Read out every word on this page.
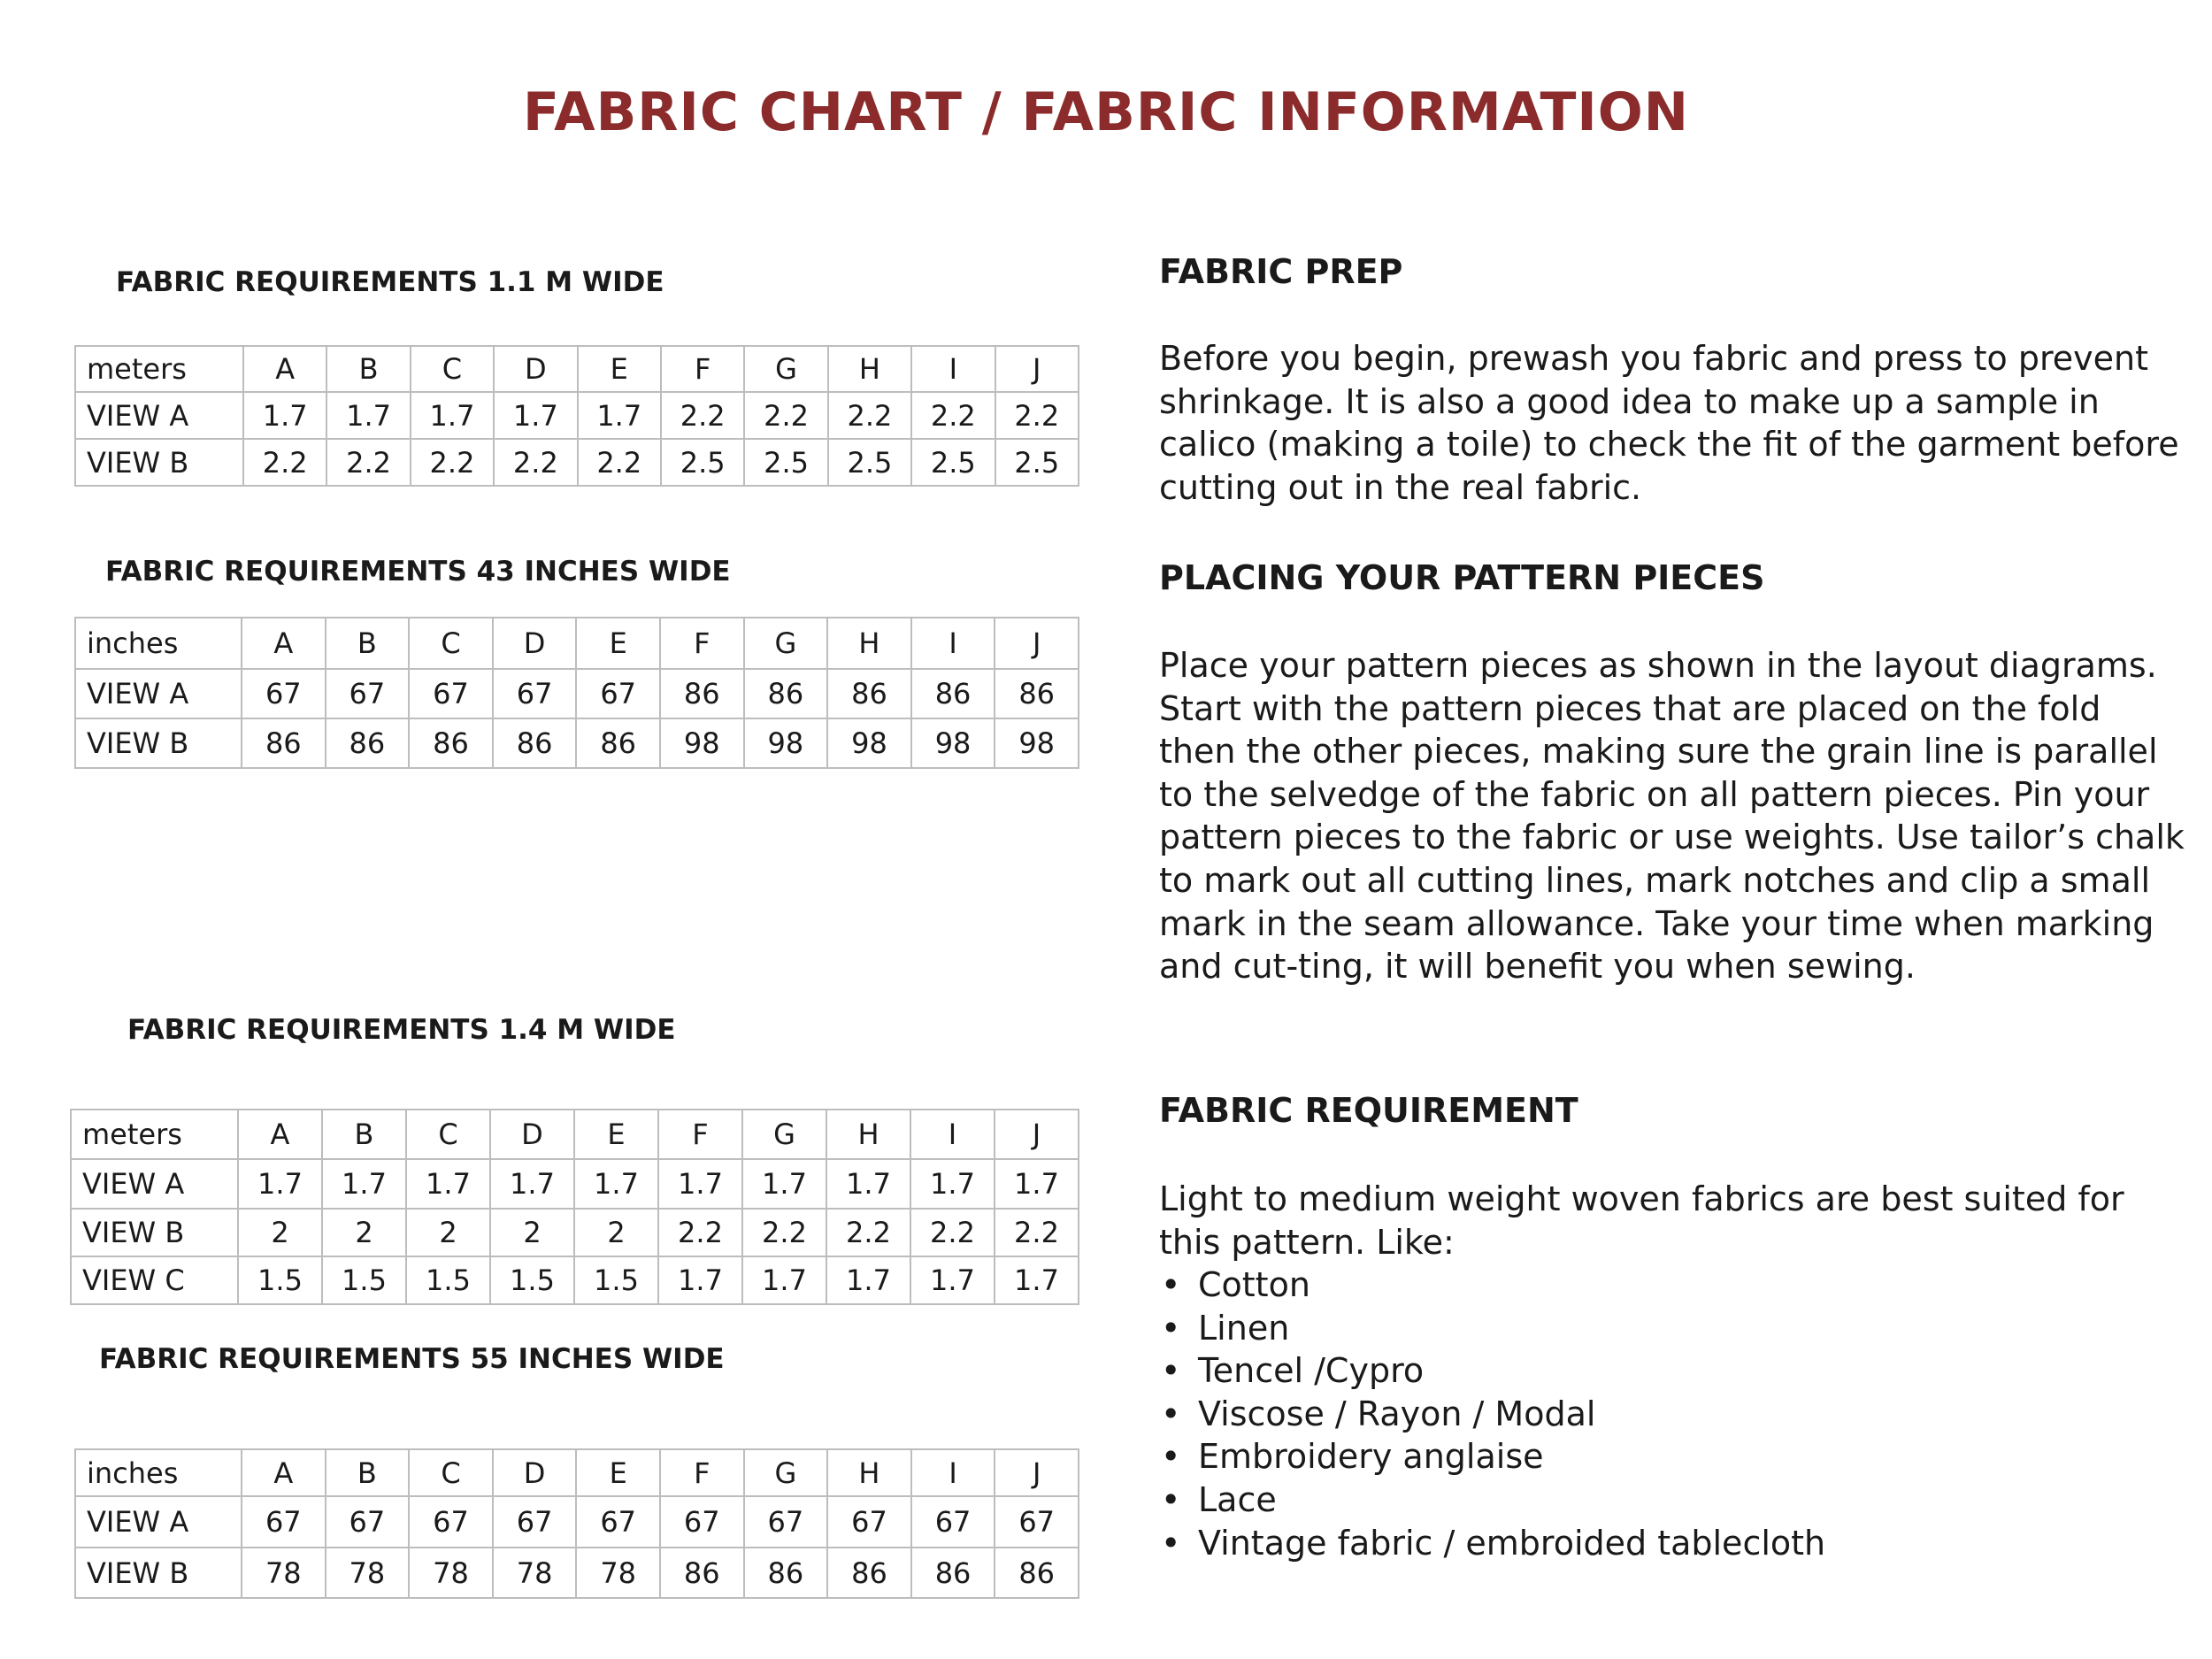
FABRIC CHART / FABRIC INFORMATION
FABRIC REQUIREMENTS 1.1 M WIDE
meters	A	B	C	D	E	F	G	H	I	J
VIEW A	1.7	1.7	1.7	1.7	1.7	2.2	2.2	2.2	2.2	2.2
VIEW B	2.2	2.2	2.2	2.2	2.2	2.5	2.5	2.5	2.5	2.5
FABRIC REQUIREMENTS 43 INCHES WIDE
inches	A	B	C	D	E	F	G	H	I	J
VIEW A	67	67	67	67	67	86	86	86	86	86
VIEW B	86	86	86	86	86	98	98	98	98	98
FABRIC REQUIREMENTS 1.4 M WIDE
meters	A	B	C	D	E	F	G	H	I	J
VIEW A	1.7	1.7	1.7	1.7	1.7	1.7	1.7	1.7	1.7	1.7
VIEW B	2	2	2	2	2	2.2	2.2	2.2	2.2	2.2
VIEW C	1.5	1.5	1.5	1.5	1.5	1.7	1.7	1.7	1.7	1.7
FABRIC REQUIREMENTS 55 INCHES WIDE
inches	A	B	C	D	E	F	G	H	I	J
VIEW A	67	67	67	67	67	67	67	67	67	67
VIEW B	78	78	78	78	78	86	86	86	86	86
FABRIC PREP

Before you begin, prewash you fabric and press to prevent shrinkage. It is also a good idea to make up a sample in calico (making a toile) to check the fit of the garment before cutting out in the real fabric.

PLACING YOUR PATTERN PIECES

Place your pattern pieces as shown in the layout diagrams. Start with the pattern pieces that are placed on the fold then the other pieces, making sure the grain line is parallel to the selvedge of the fabric on all pattern pieces. Pin your pattern pieces to the fabric or use weights. Use tailor’s chalk to mark out all cutting lines, mark notches and clip a small mark in the seam allowance. Take your time when marking and cut-ting, it will benefit you when sewing.

FABRIC REQUIREMENT

Light to medium weight woven fabrics are best suited for this pattern. Like:

• Cotton
• Linen
• Tencel /Cypro
• Viscose / Rayon / Modal
• Embroidery anglaise
• Lace
• Vintage fabric / embroided tablecloth
